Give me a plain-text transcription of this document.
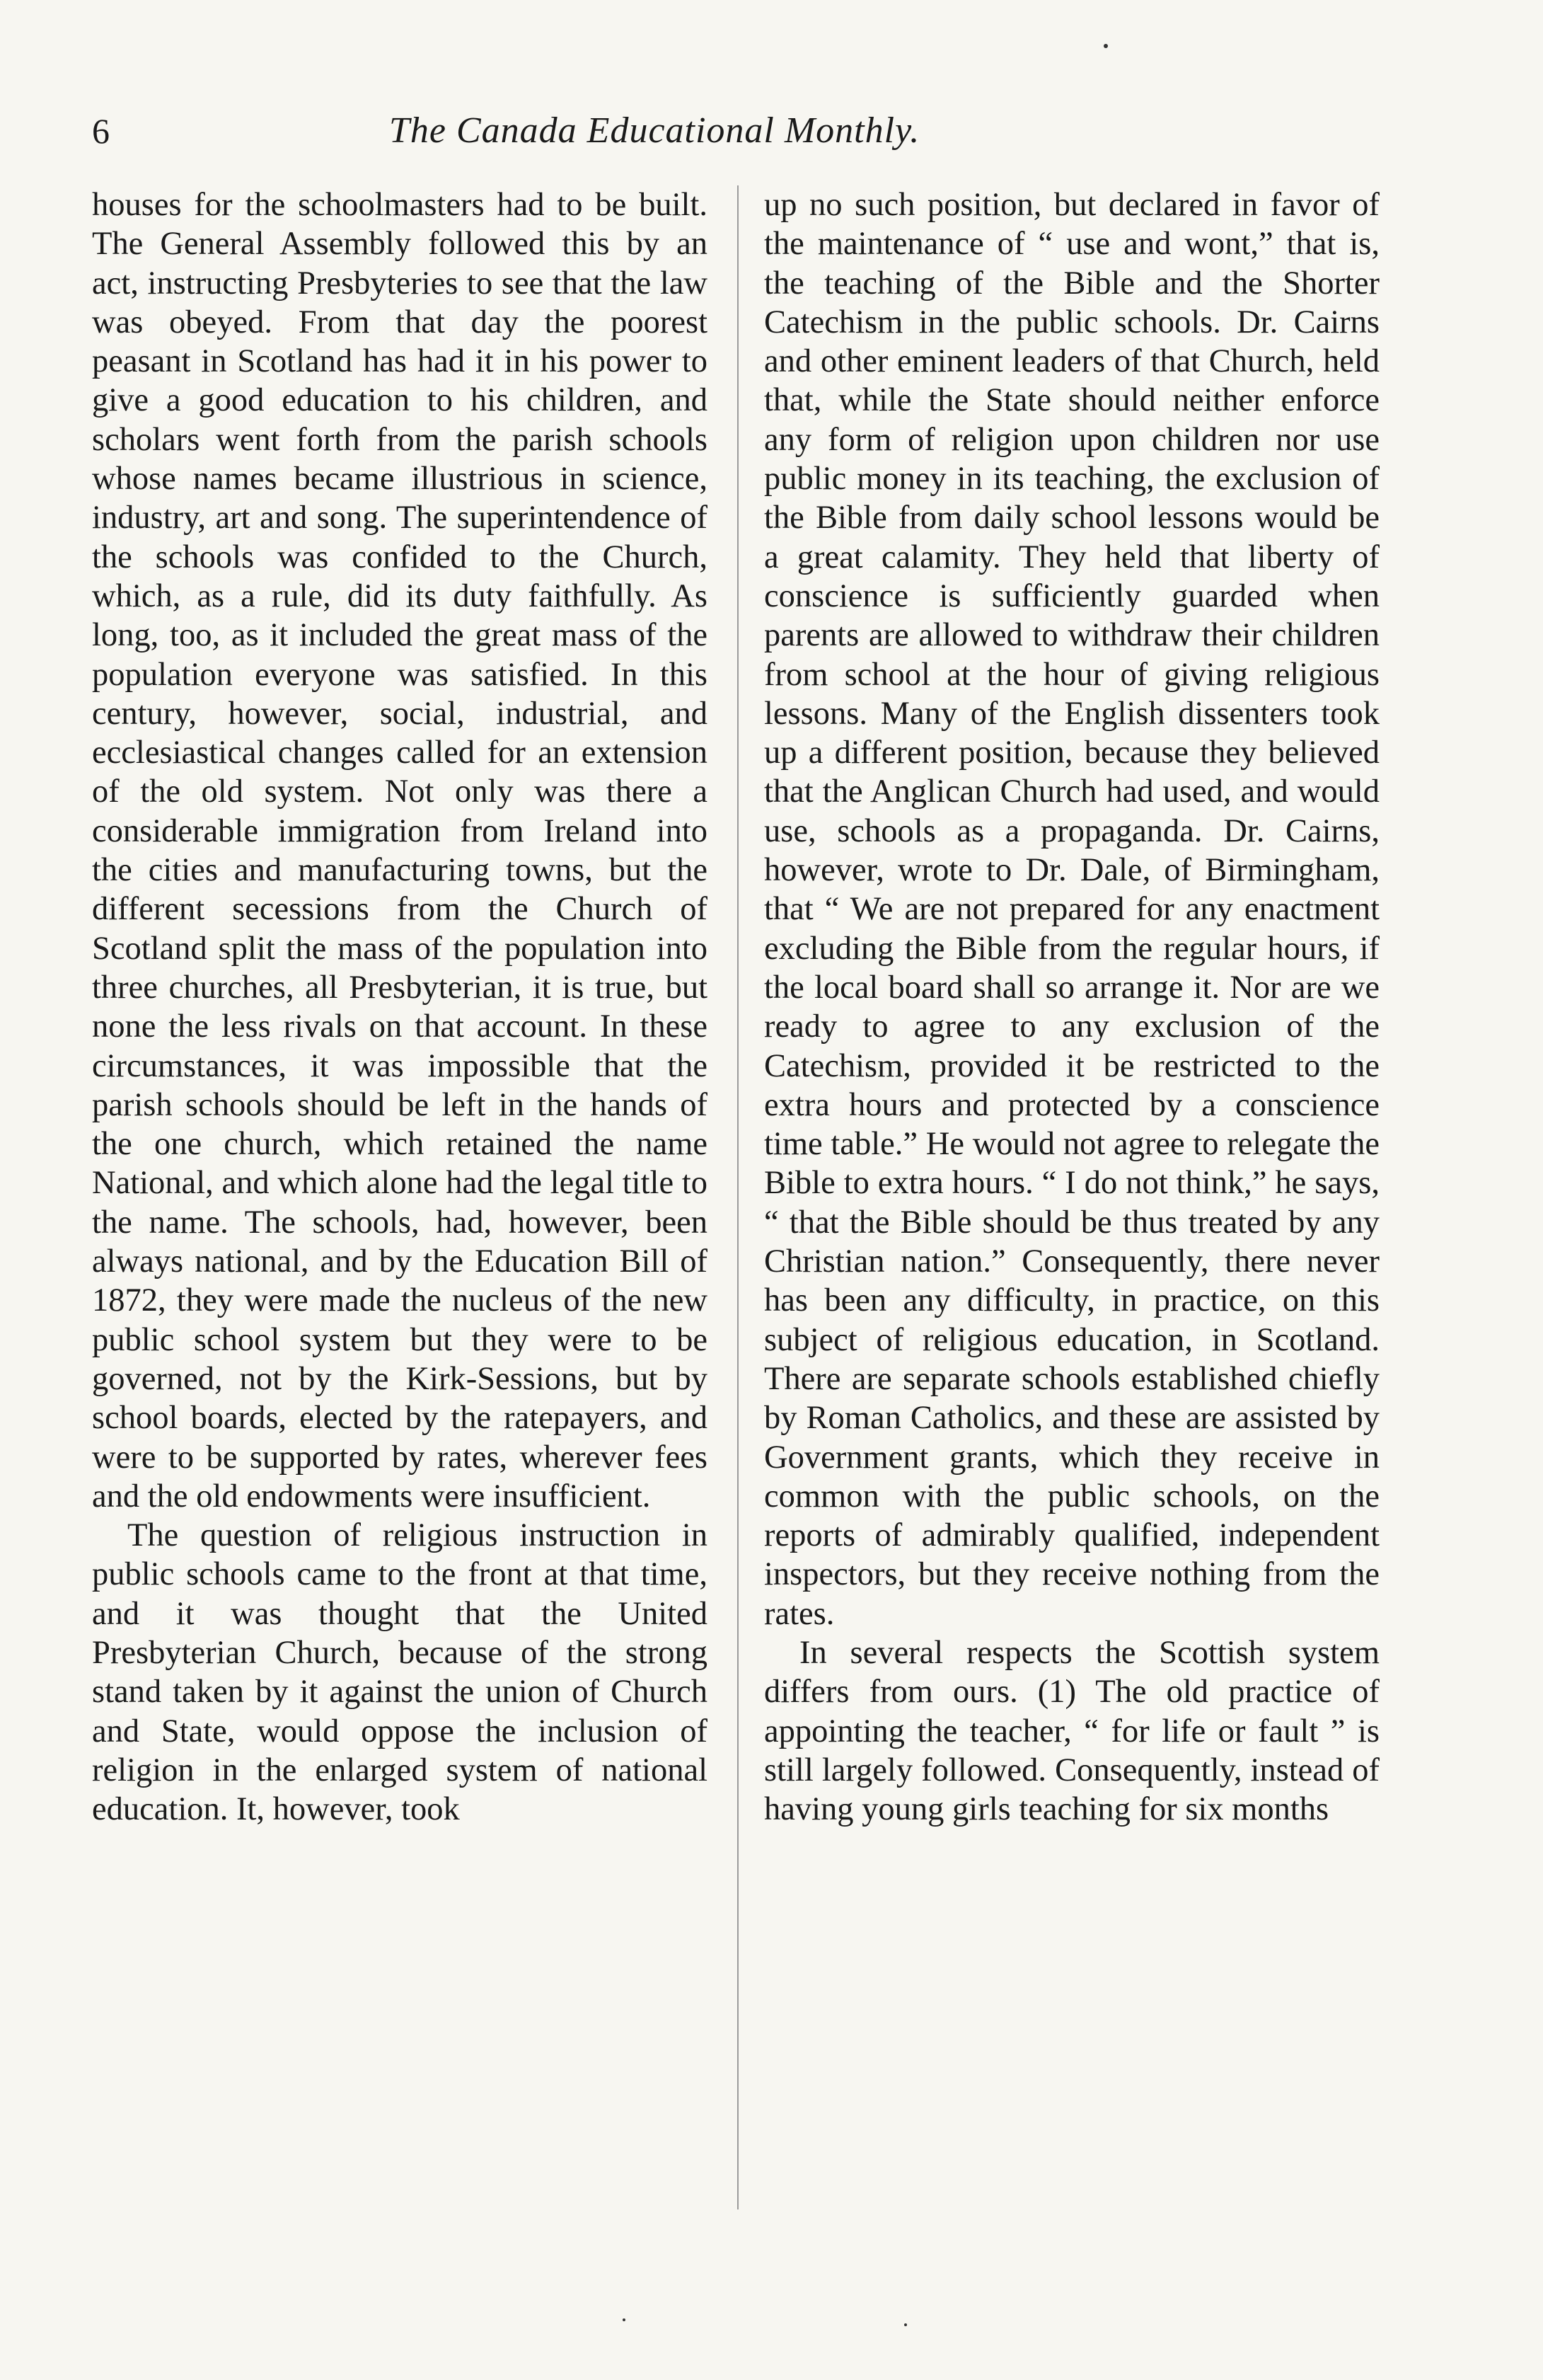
6	The Canada Educational Monthly.

houses for the schoolmasters had to be built. The General Assembly followed this by an act, instructing Presbyteries to see that the law was obeyed. From that day the poorest peasant in Scotland has had it in his power to give a good education to his children, and scholars went forth from the parish schools whose names became illustrious in science, industry, art and song. The superintendence of the schools was confided to the Church, which, as a rule, did its duty faithfully. As long, too, as it included the great mass of the population everyone was satisfied. In this century, however, social, industrial, and ecclesiastical changes called for an extension of the old system. Not only was there a considerable immigration from Ireland into the cities and manufacturing towns, but the different secessions from the Church of Scotland split the mass of the population into three churches, all Presbyterian, it is true, but none the less rivals on that account. In these circumstances, it was impossible that the parish schools should be left in the hands of the one church, which retained the name National, and which alone had the legal title to the name. The schools, had, however, been always national, and by the Education Bill of 1872, they were made the nucleus of the new public school system but they were to be governed, not by the Kirk-Sessions, but by school boards, elected by the ratepayers, and were to be supported by rates, wherever fees and the old endowments were insufficient.

The question of religious instruction in public schools came to the front at that time, and it was thought that the United Presbyterian Church, because of the strong stand taken by it against the union of Church and State, would oppose the inclusion of religion in the enlarged system of national education. It, however, took

up no such position, but declared in favor of the maintenance of “ use and wont,” that is, the teaching of the Bible and the Shorter Catechism in the public schools. Dr. Cairns and other eminent leaders of that Church, held that, while the State should neither enforce any form of religion upon children nor use public money in its teaching, the exclusion of the Bible from daily school lessons would be a great calamity. They held that liberty of conscience is sufficiently guarded when parents are allowed to withdraw their children from school at the hour of giving religious lessons. Many of the English dissenters took up a different position, because they believed that the Anglican Church had used, and would use, schools as a propaganda. Dr. Cairns, however, wrote to Dr. Dale, of Birmingham, that “ We are not prepared for any enactment excluding the Bible from the regular hours, if the local board shall so arrange it. Nor are we ready to agree to any exclusion of the Catechism, provided it be restricted to the extra hours and protected by a conscience time table.” He would not agree to relegate the Bible to extra hours. “ I do not think,” he says, “ that the Bible should be thus treated by any Christian nation.” Consequently, there never has been any difficulty, in practice, on this subject of religious education, in Scotland. There are separate schools established chiefly by Roman Catholics, and these are assisted by Government grants, which they receive in common with the public schools, on the reports of admirably qualified, independent inspectors, but they receive nothing from the rates.

In several respects the Scottish system differs from ours. (1) The old practice of appointing the teacher, “ for life or fault ” is still largely followed. Consequently, instead of having young girls teaching for six months
